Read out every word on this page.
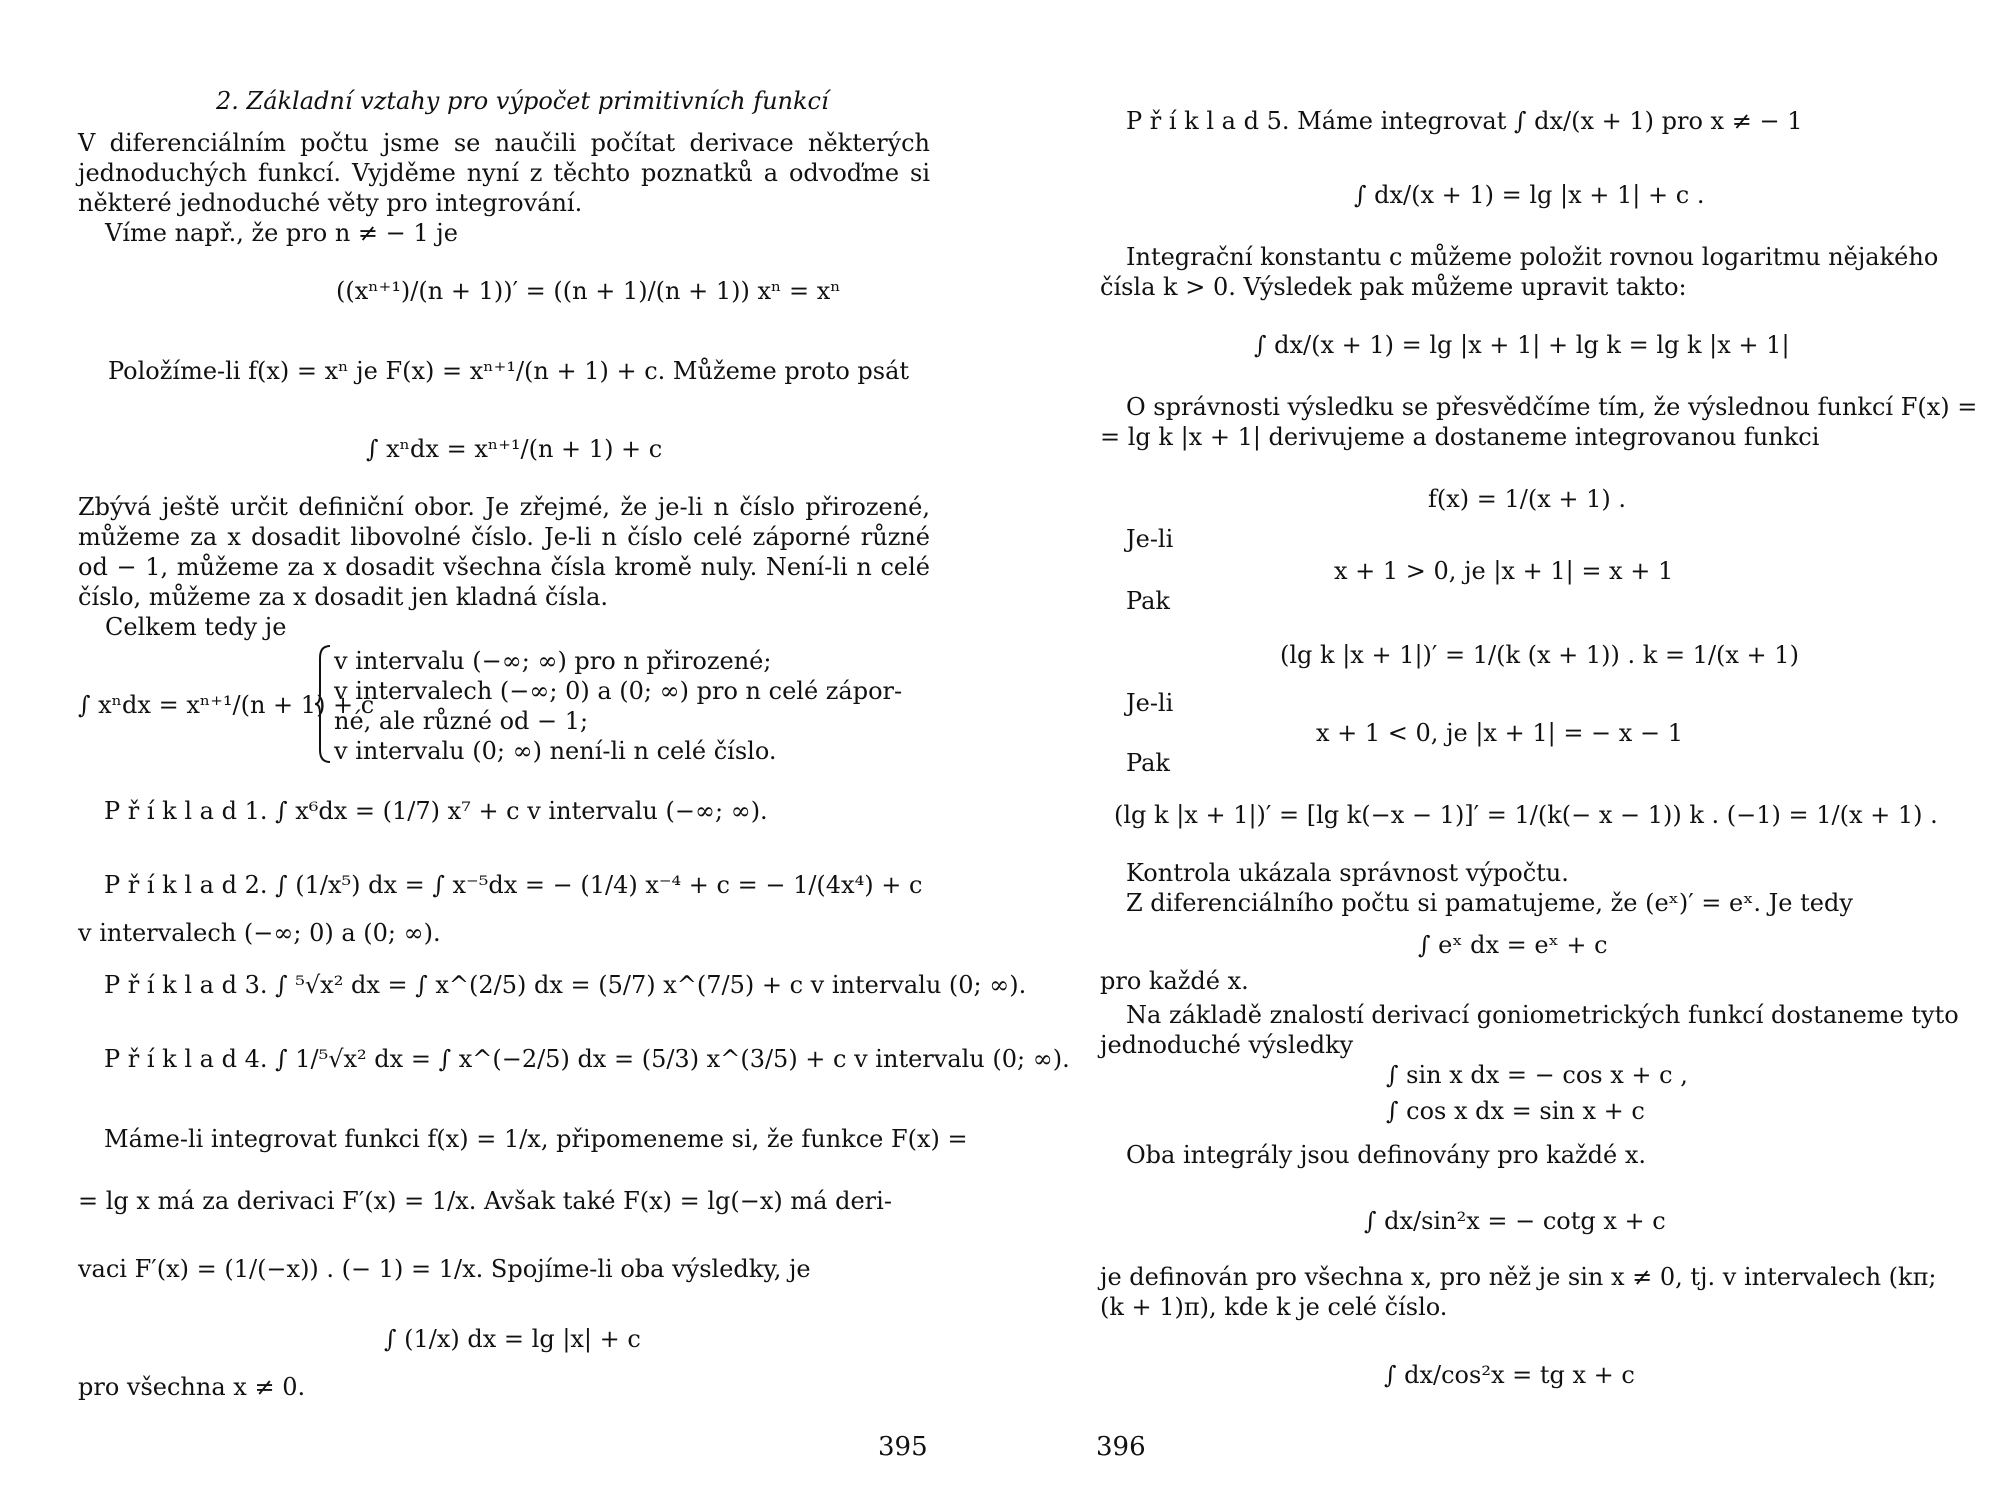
2. Základní vztahy pro výpočet primitivních funkcí
V diferenciálním počtu jsme se naučili počítat derivace některých
jednoduchých funkcí. Vyjděme nyní z těchto poznatků a odvoďme si
některé jednoduché věty pro integrování.
Víme např., že pro n ≠ − 1 je
((xⁿ⁺¹)/(n + 1))′ = ((n + 1)/(n + 1)) xⁿ = xⁿ
Položíme-li f(x) = xⁿ je F(x) = xⁿ⁺¹/(n + 1) + c. Můžeme proto psát
∫ xⁿdx = xⁿ⁺¹/(n + 1) + c
Zbývá ještě určit definiční obor. Je zřejmé, že je-li n číslo přirozené,
můžeme za x dosadit libovolné číslo. Je-li n číslo celé záporné různé
od − 1, můžeme za x dosadit všechna čísla kromě nuly. Není-li n celé
číslo, můžeme za x dosadit jen kladná čísla.
Celkem tedy je
v intervalu (−∞; ∞) pro n přirozené;
v intervalech (−∞; 0) a (0; ∞) pro n celé zápor-
∫ xⁿdx = xⁿ⁺¹/(n + 1) + c
né, ale různé od − 1;
v intervalu (0; ∞) není-li n celé číslo.
P ř í k l a d 1. ∫ x⁶dx = (1/7) x⁷ + c v intervalu (−∞; ∞).
P ř í k l a d 2. ∫ (1/x⁵) dx = ∫ x⁻⁵dx = − (1/4) x⁻⁴ + c = − 1/(4x⁴) + c
v intervalech (−∞; 0) a (0; ∞).
P ř í k l a d 3. ∫ ⁵√x² dx = ∫ x^(2/5) dx = (5/7) x^(7/5) + c v intervalu (0; ∞).
P ř í k l a d 4. ∫ 1/⁵√x² dx = ∫ x^(−2/5) dx = (5/3) x^(3/5) + c v intervalu (0; ∞).
Máme-li integrovat funkci f(x) = 1/x, připomeneme si, že funkce F(x) =
= lg x má za derivaci F′(x) = 1/x. Avšak také F(x) = lg(−x) má deri-
vaci F′(x) = (1/(−x)) . (− 1) = 1/x. Spojíme-li oba výsledky, je
∫ (1/x) dx = lg |x| + c
pro všechna x ≠ 0.
395
P ř í k l a d 5. Máme integrovat ∫ dx/(x + 1) pro x ≠ − 1
∫ dx/(x + 1) = lg |x + 1| + c .
Integrační konstantu c můžeme položit rovnou logaritmu nějakého
čísla k > 0. Výsledek pak můžeme upravit takto:
∫ dx/(x + 1) = lg |x + 1| + lg k = lg k |x + 1|
O správnosti výsledku se přesvědčíme tím, že výslednou funkcí F(x) =
= lg k |x + 1| derivujeme a dostaneme integrovanou funkci
f(x) = 1/(x + 1) .
Je-li
x + 1 > 0, je |x + 1| = x + 1
Pak
(lg k |x + 1|)′ = 1/(k (x + 1)) . k = 1/(x + 1)
Je-li
x + 1 < 0, je |x + 1| = − x − 1
Pak
(lg k |x + 1|)′ = [lg k(−x − 1)]′ = 1/(k(− x − 1)) k . (−1) = 1/(x + 1) .
Kontrola ukázala správnost výpočtu.
Z diferenciálního počtu si pamatujeme, že (eˣ)′ = eˣ. Je tedy
∫ eˣ dx = eˣ + c
pro každé x.
Na základě znalostí derivací goniometrických funkcí dostaneme tyto
jednoduché výsledky
∫ sin x dx = − cos x + c ,
∫ cos x dx = sin x + c
Oba integrály jsou definovány pro každé x.
∫ dx/sin²x = − cotg x + c
je definován pro všechna x, pro něž je sin x ≠ 0, tj. v intervalech (kπ;
(k + 1)π), kde k je celé číslo.
∫ dx/cos²x = tg x + c
396
